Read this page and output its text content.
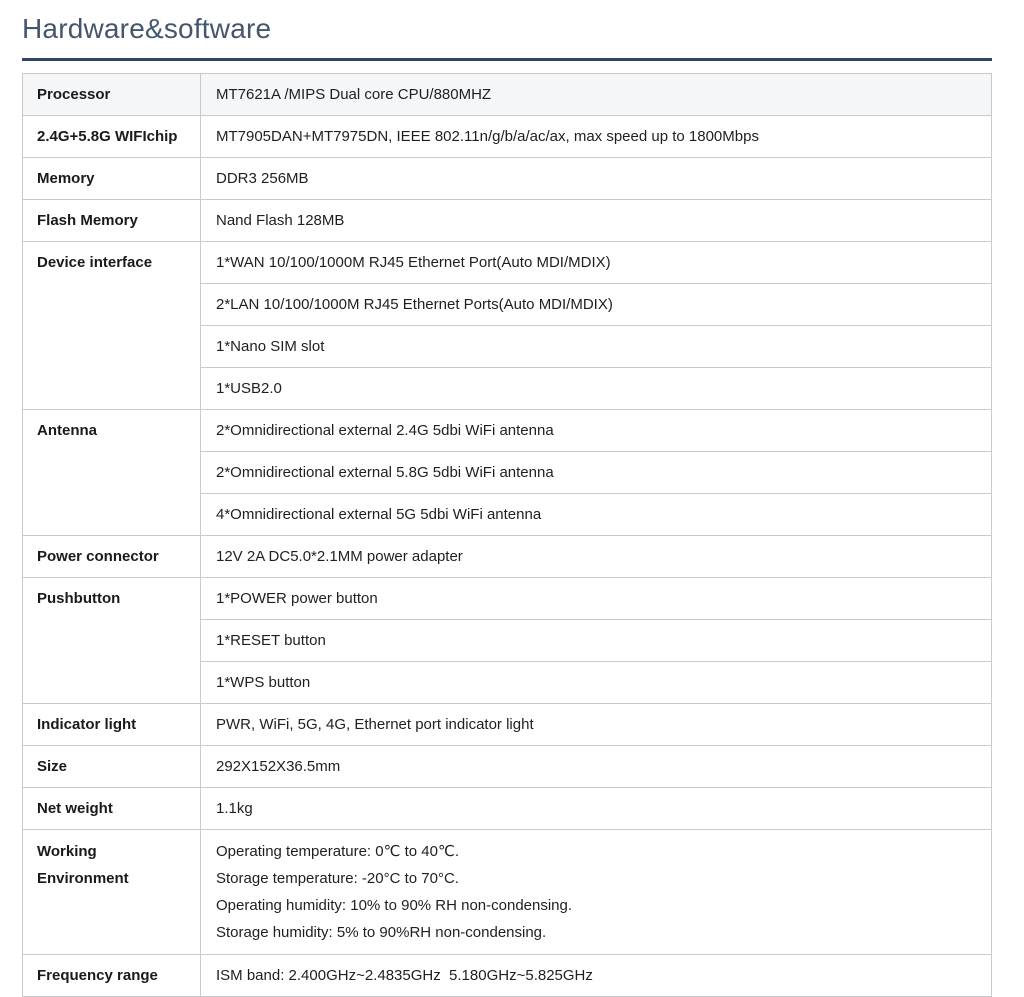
Hardware&software
Processor	MT7621A /MIPS Dual core CPU/880MHZ
2.4G+5.8G WIFIchip	MT7905DAN+MT7975DN, IEEE 802.11n/g/b/a/ac/ax, max speed up to 1800Mbps
Memory	DDR3 256MB
Flash Memory	Nand Flash 128MB
Device interface	1*WAN 10/100/1000M RJ45 Ethernet Port(Auto MDI/MDIX)
	2*LAN 10/100/1000M RJ45 Ethernet Ports(Auto MDI/MDIX)
	1*Nano SIM slot
	1*USB2.0
Antenna	2*Omnidirectional external 2.4G 5dbi WiFi antenna
	2*Omnidirectional external 5.8G 5dbi WiFi antenna
	4*Omnidirectional external 5G 5dbi WiFi antenna
Power connector	12V 2A DC5.0*2.1MM power adapter
Pushbutton	1*POWER power button
	1*RESET button
	1*WPS button
Indicator light	PWR, WiFi, 5G, 4G, Ethernet port indicator light
Size	292X152X36.5mm
Net weight	1.1kg
Working Environment	Operating temperature: 0℃ to 40℃.
Storage temperature: -20°C to 70°C.
Operating humidity: 10% to 90% RH non-condensing.
Storage humidity: 5% to 90%RH non-condensing.

Frequency range	ISM band: 2.400GHz~2.4835GHz  5.180GHz~5.825GHz
